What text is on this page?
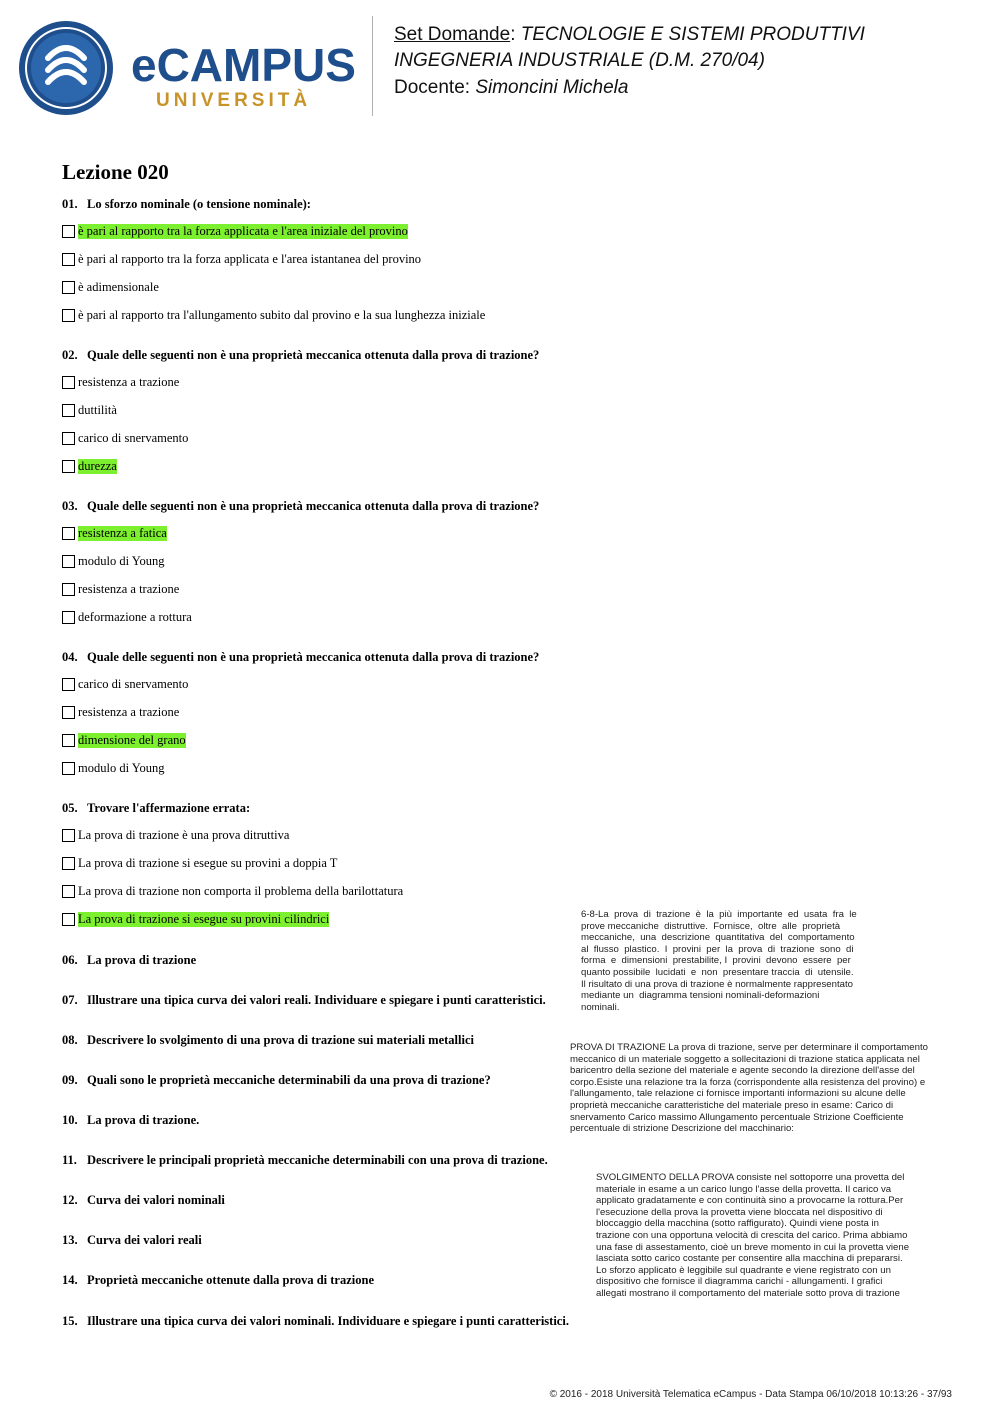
eCAMPUS
UNIVERSITÀ
Set Domande: TECNOLOGIE E SISTEMI PRODUTTIVI
INGEGNERIA INDUSTRIALE (D.M. 270/04)
Docente: Simoncini Michela
Lezione 020
01. Lo sforzo nominale (o tensione nominale):
è pari al rapporto tra la forza applicata e l'area iniziale del provino
è pari al rapporto tra la forza applicata e l'area istantanea del provino
è adimensionale
è pari al rapporto tra l'allungamento subito dal provino e la sua lunghezza iniziale
02. Quale delle seguenti non è una proprietà meccanica ottenuta dalla prova di trazione?
resistenza a trazione
duttilità
carico di snervamento
durezza
03. Quale delle seguenti non è una proprietà meccanica ottenuta dalla prova di trazione?
resistenza a fatica
modulo di Young
resistenza a trazione
deformazione a rottura
04. Quale delle seguenti non è una proprietà meccanica ottenuta dalla prova di trazione?
carico di snervamento
resistenza a trazione
dimensione del grano
modulo di Young
05. Trovare l'affermazione errata:
La prova di trazione è una prova ditruttiva
La prova di trazione si esegue su provini a doppia T
La prova di trazione non comporta il problema della barilottatura
La prova di trazione si esegue su provini cilindrici
06. La prova di trazione
07. Illustrare una tipica curva dei valori reali. Individuare e spiegare i punti caratteristici.
08. Descrivere lo svolgimento di una prova di trazione sui materiali metallici
09. Quali sono le proprietà meccaniche determinabili da una prova di trazione?
10. La prova di trazione.
11. Descrivere le principali proprietà meccaniche determinabili con una prova di trazione.
12. Curva dei valori nominali
13. Curva dei valori reali
14. Proprietà meccaniche ottenute dalla prova di trazione
15. Illustrare una tipica curva dei valori nominali. Individuare e spiegare i punti caratteristici.
6-8-La  prova  di  trazione  è  la  più  importante  ed  usata  fra  le
prove meccaniche  distruttive.  Fornisce,  oltre  alle  proprietà
meccaniche,  una  descrizione  quantitativa  del  comportamento
al  flusso  plastico.  I  provini  per  la  prova  di  trazione  sono  di
forma  e  dimensioni  prestabilite, I  provini  devono  essere  per
quanto possibile  lucidati  e  non  presentare traccia  di  utensile.
Il risultato di una prova di trazione è normalmente rappresentato
mediante un  diagramma tensioni nominali-deformazioni
nominali.
PROVA DI TRAZIONE La prova di trazione, serve per determinare il comportamento
meccanico di un materiale soggetto a sollecitazioni di trazione statica applicata nel
baricentro della sezione del materiale e agente secondo la direzione dell'asse del
corpo.Esiste una relazione tra la forza (corrispondente alla resistenza del provino) e
l'allungamento, tale relazione ci fornisce importanti informazioni su alcune delle
proprietà meccaniche caratteristiche del materiale preso in esame: Carico di
snervamento Carico massimo Allungamento percentuale Strizione Coefficiente
percentuale di strizione Descrizione del macchinario:
SVOLGIMENTO DELLA PROVA consiste nel sottoporre una provetta del
materiale in esame a un carico lungo l'asse della provetta. Il carico va
applicato gradatamente e con continuità sino a provocarne la rottura.Per
l'esecuzione della prova la provetta viene bloccata nel dispositivo di
bloccaggio della macchina (sotto raffigurato). Quindi viene posta in
trazione con una opportuna velocità di crescita del carico. Prima abbiamo
una fase di assestamento, cioè un breve momento in cui la provetta viene
lasciata sotto carico costante per consentire alla macchina di prepararsi.
Lo sforzo applicato è leggibile sul quadrante e viene registrato con un
dispositivo che fornisce il diagramma carichi - allungamenti. I grafici
allegati mostrano il comportamento del materiale sotto prova di trazione
© 2016 - 2018 Università Telematica eCampus - Data Stampa 06/10/2018 10:13:26 - 37/93
